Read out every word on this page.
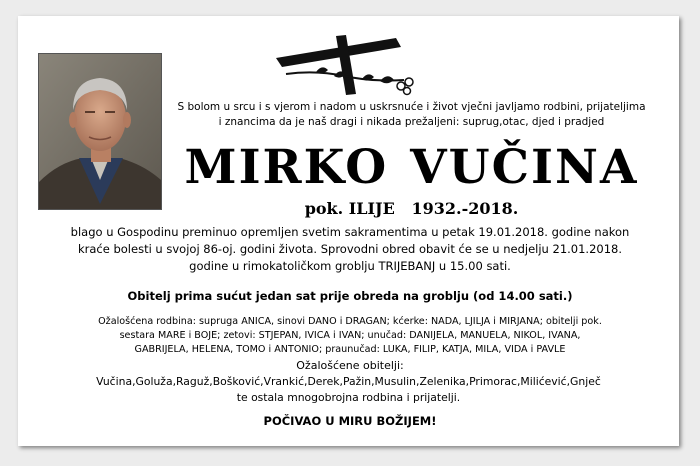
S bolom u srcu i s vjerom i nadom u uskrsnuće i život vječni javljamo rodbini, prijateljima
i znancima da je naš dragi i nikada prežaljeni: suprug,otac, djed i pradjed
MIRKO VUČINA
pok. ILIJE   1932.-2018.
blago u Gospodinu preminuo opremljen svetim sakramentima u petak 19.01.2018. godine nakon
kraće bolesti u svojoj 86-oj. godini života. Sprovodni obred obavit će se u nedjelju 21.01.2018.
godine u rimokatoličkom groblju TRIJEBANJ u 15.00 sati.
Obitelj prima sućut jedan sat prije obreda na groblju (od 14.00 sati.)
Ožalošćena rodbina: supruga ANICA, sinovi DANO i DRAGAN; kćerke: NADA, LJILJA i MIRJANA; obitelji pok.
sestara MARE i BOJE; zetovi: STJEPAN, IVICA i IVAN; unučad: DANIJELA, MANUELA, NIKOL, IVANA,
GABRIJELA, HELENA, TOMO i ANTONIO; praunučad: LUKA, FILIP, KATJA, MILA, VIDA i PAVLE
Ožalošćene obitelji:
Vučina,Goluža,Raguž,Bošković,Vrankić,Derek,Pažin,Musulin,Zelenika,Primorac,Milićević,Gnječ
te ostala mnogobrojna rodbina i prijatelji.
POČIVAO U MIRU BOŽIJEM!
